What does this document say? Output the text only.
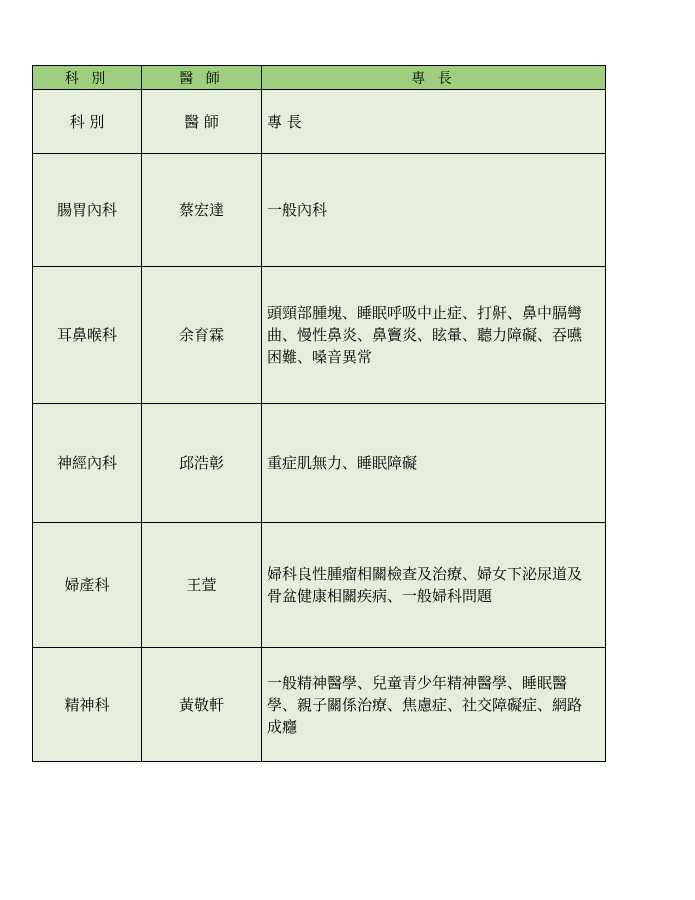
科 別	醫 師	專 長
科 別	醫 師	專 長
腸胃內科	蔡宏達	一般內科
耳鼻喉科	余育霖	頭頸部腫塊、睡眠呼吸中止症、打鼾、鼻中膈彎曲、慢性鼻炎、鼻竇炎、眩暈、聽力障礙、吞嚥困難、嗓音異常
神經內科	邱浩彰	重症肌無力、睡眠障礙
婦產科	王萱	婦科良性腫瘤相關檢查及治療、婦女下泌尿道及骨盆健康相關疾病、一般婦科問題
精神科	黃敬軒	一般精神醫學、兒童青少年精神醫學、睡眠醫學、親子關係治療、焦慮症、社交障礙症、網路成癮
